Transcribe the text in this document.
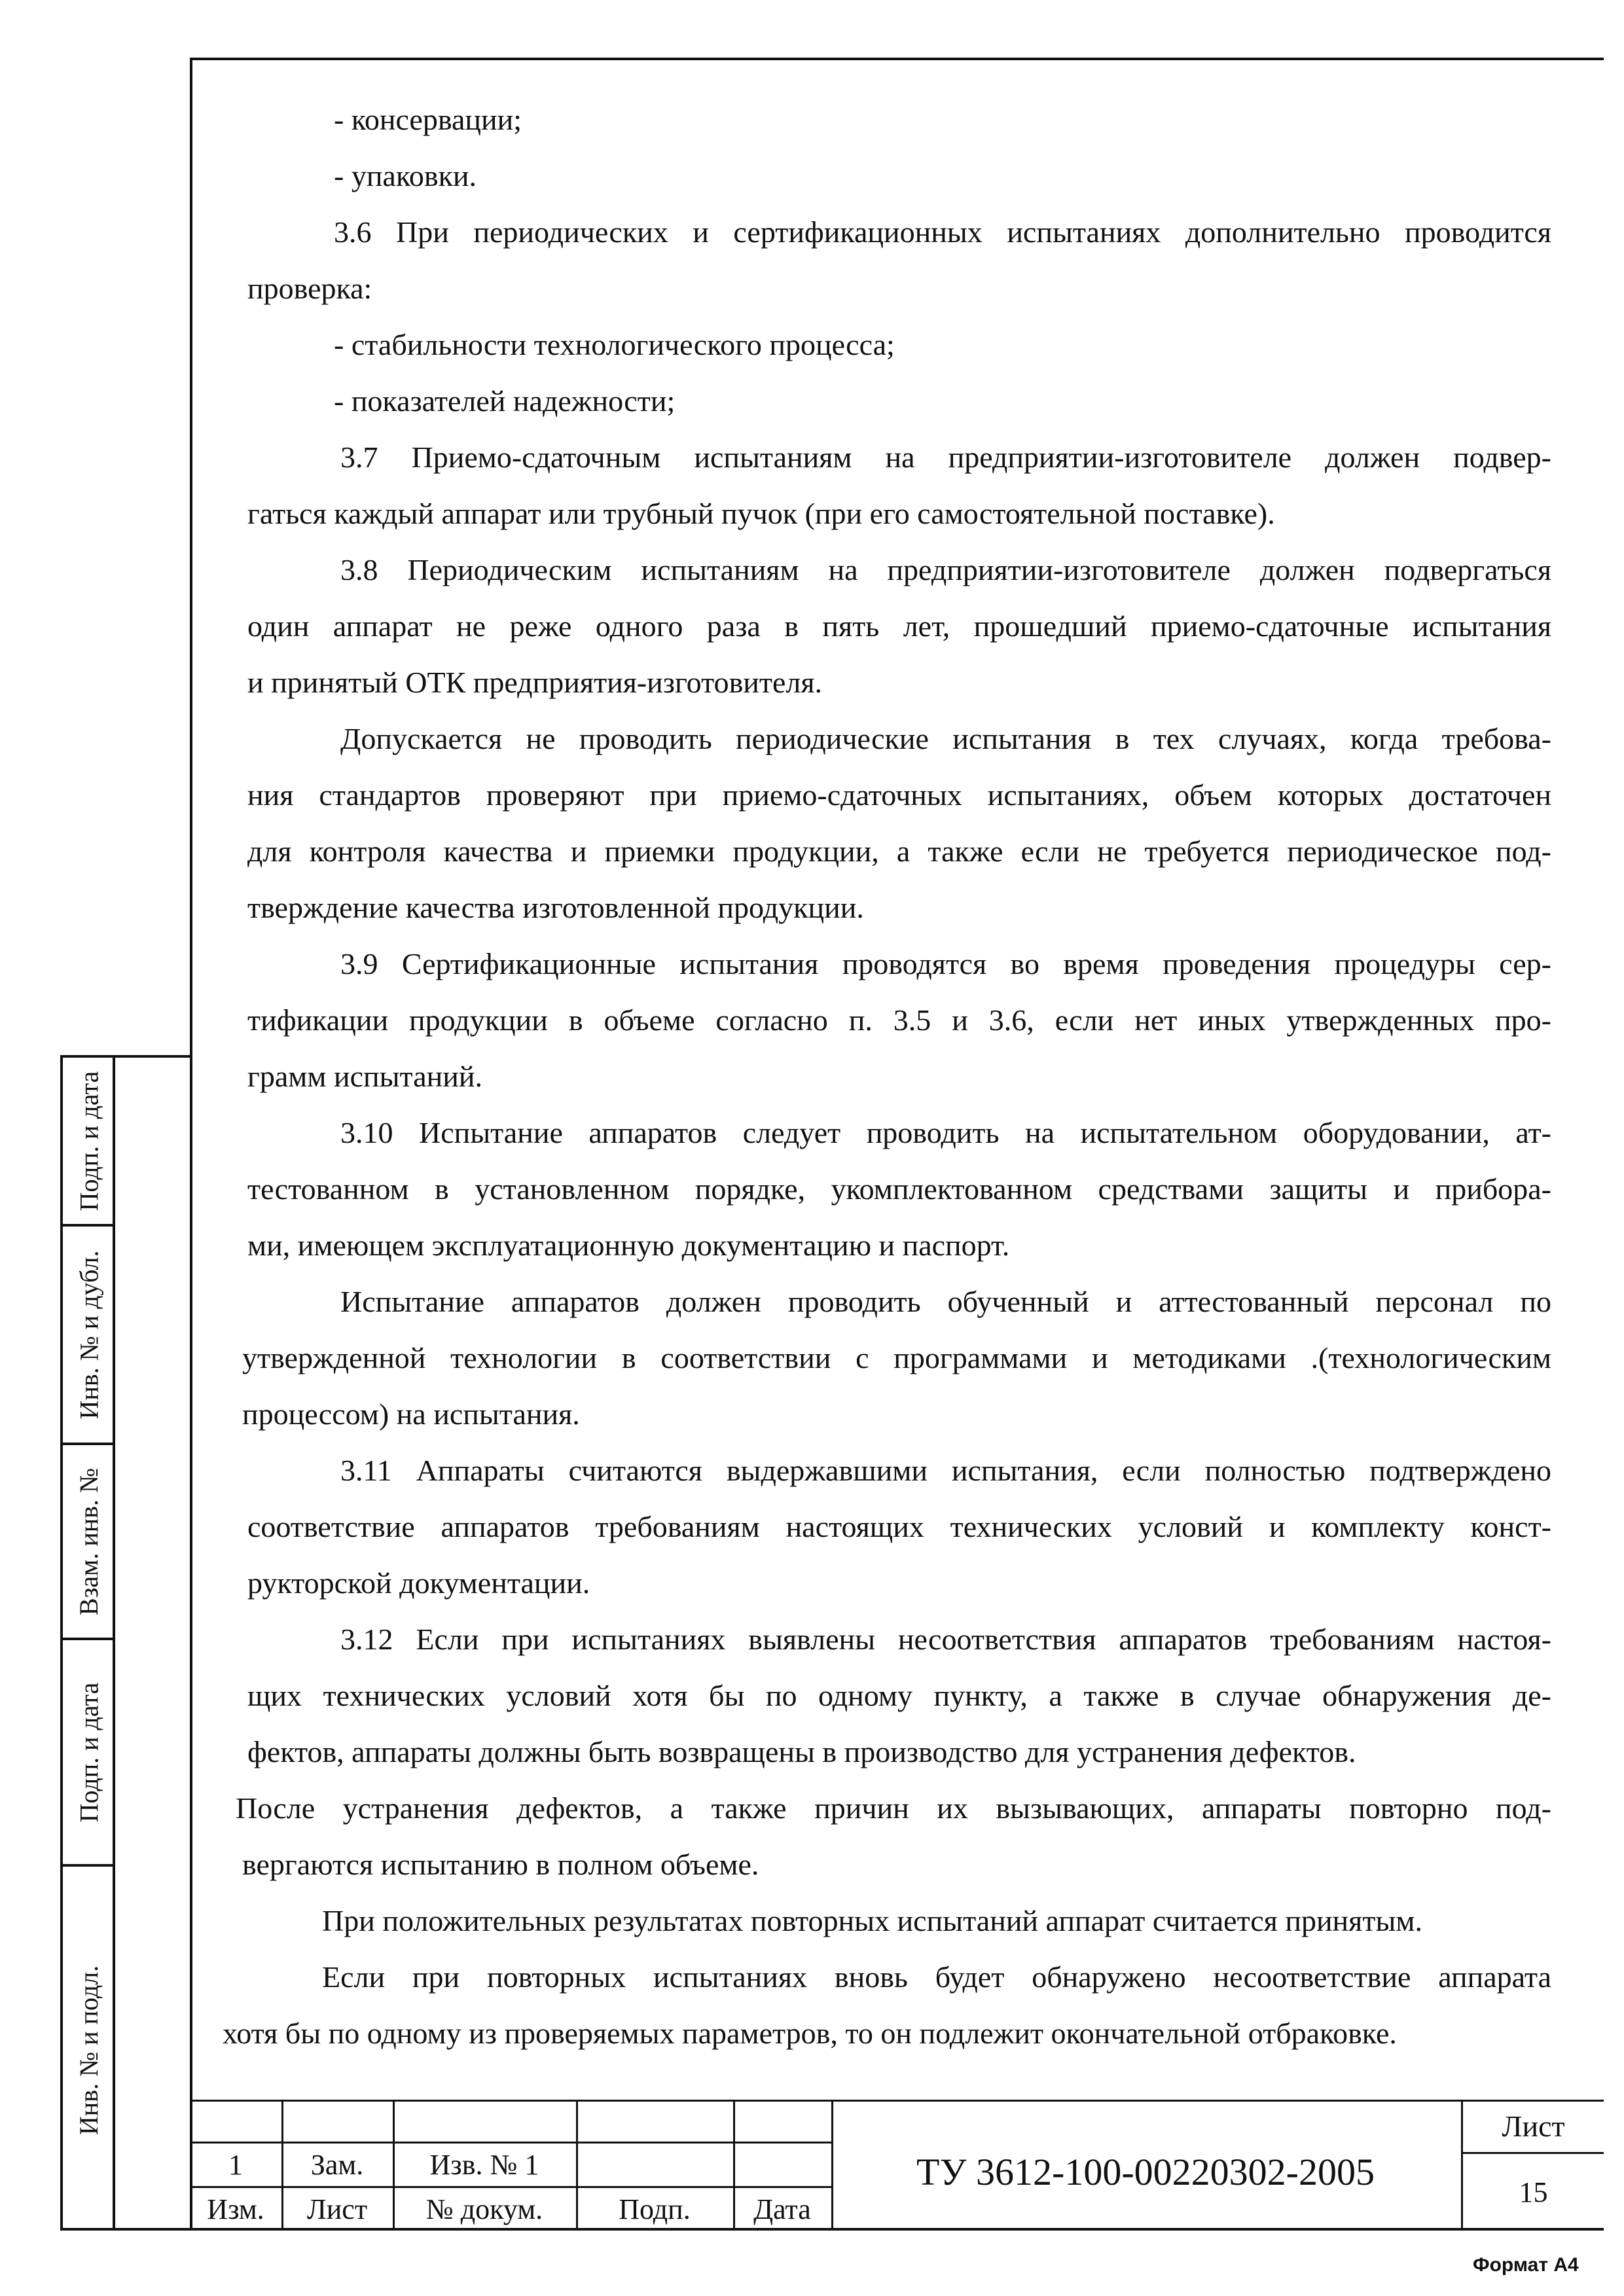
Подп. и дата
Инв. № и дубл.
Взам. инв. №
Подп. и дата
Инв. № и подл.
- консервации;
- упаковки.
3.6 При периодических и сертификационных испытаниях дополнительно проводится
проверка:
- стабильности технологического процесса;
- показателей надежности;
3.7 Приемо-сдаточным испытаниям на предприятии-изготовителе должен подвер-
гаться каждый аппарат или трубный пучок (при его самостоятельной поставке).
3.8 Периодическим испытаниям на предприятии-изготовителе должен подвергаться
один аппарат не реже одного раза в пять лет, прошедший приемо-сдаточные испытания
и принятый ОТК предприятия-изготовителя.
Допускается не проводить периодические испытания в тех случаях, когда требова-
ния стандартов проверяют при приемо-сдаточных испытаниях, объем которых достаточен
для контроля качества и приемки продукции, а также если не требуется периодическое под-
тверждение качества изготовленной продукции.
3.9 Сертификационные испытания проводятся во время проведения процедуры сер-
тификации продукции в объеме согласно п. 3.5 и 3.6, если нет иных утвержденных про-
грамм испытаний.
3.10 Испытание аппаратов следует проводить на испытательном оборудовании, ат-
тестованном в установленном порядке, укомплектованном средствами защиты и прибора-
ми, имеющем эксплуатационную документацию и паспорт.
Испытание аппаратов должен проводить обученный и аттестованный персонал по
утвержденной технологии в соответствии с программами и методиками .(технологическим
процессом) на испытания.
3.11 Аппараты считаются выдержавшими испытания, если полностью подтверждено
соответствие аппаратов требованиям настоящих технических условий и комплекту конст-
рукторской документации.
3.12 Если при испытаниях выявлены несоответствия аппаратов требованиям настоя-
щих технических условий хотя бы по одному пункту, а также в случае обнаружения де-
фектов, аппараты должны быть возвращены в производство для устранения дефектов.
После устранения дефектов, а также причин их вызывающих, аппараты повторно под-
вергаются испытанию в полном объеме.
При положительных результатах повторных испытаний аппарат считается принятым.
Если при повторных испытаниях вновь будет обнаружено несоответствие аппарата
хотя бы по одному из проверяемых параметров, то он подлежит окончательной отбраковке.
1	Зам.	Изв. № 1
Изм.	Лист	№ докум.	Подп.	Дата
ТУ 3612-100-00220302-2005
Лист
15
Формат А4
